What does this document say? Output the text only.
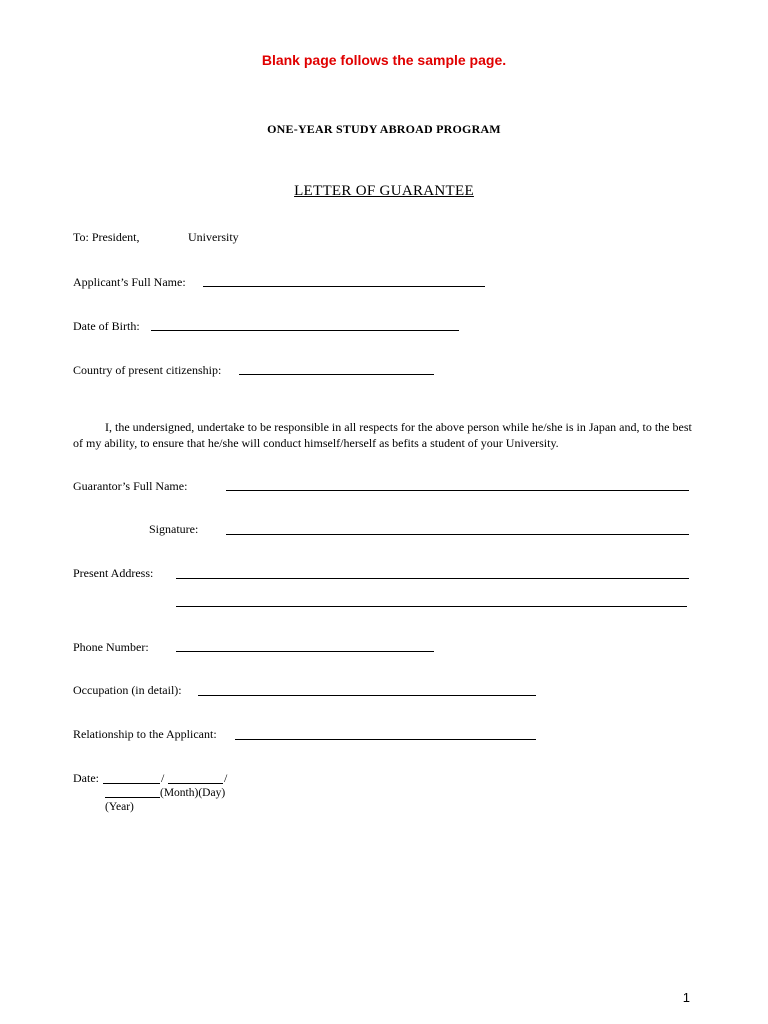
Blank page follows the sample page.
ONE-YEAR STUDY ABROAD PROGRAM
LETTER OF GUARANTEE
To: President,	University
Applicant’s Full Name:
Date of Birth:
Country of present citizenship:
I, the undersigned, undertake to be responsible in all respects for the above person while he/she is in Japan and, to the best of my ability, to ensure that he/she will conduct himself/herself as befits a student of your University.
Guarantor’s Full Name:
Signature:
Present Address:
Phone Number:
Occupation (in detail):
Relationship to the Applicant:
Date:	/	/
(Month)(Day)
(Year)
1
